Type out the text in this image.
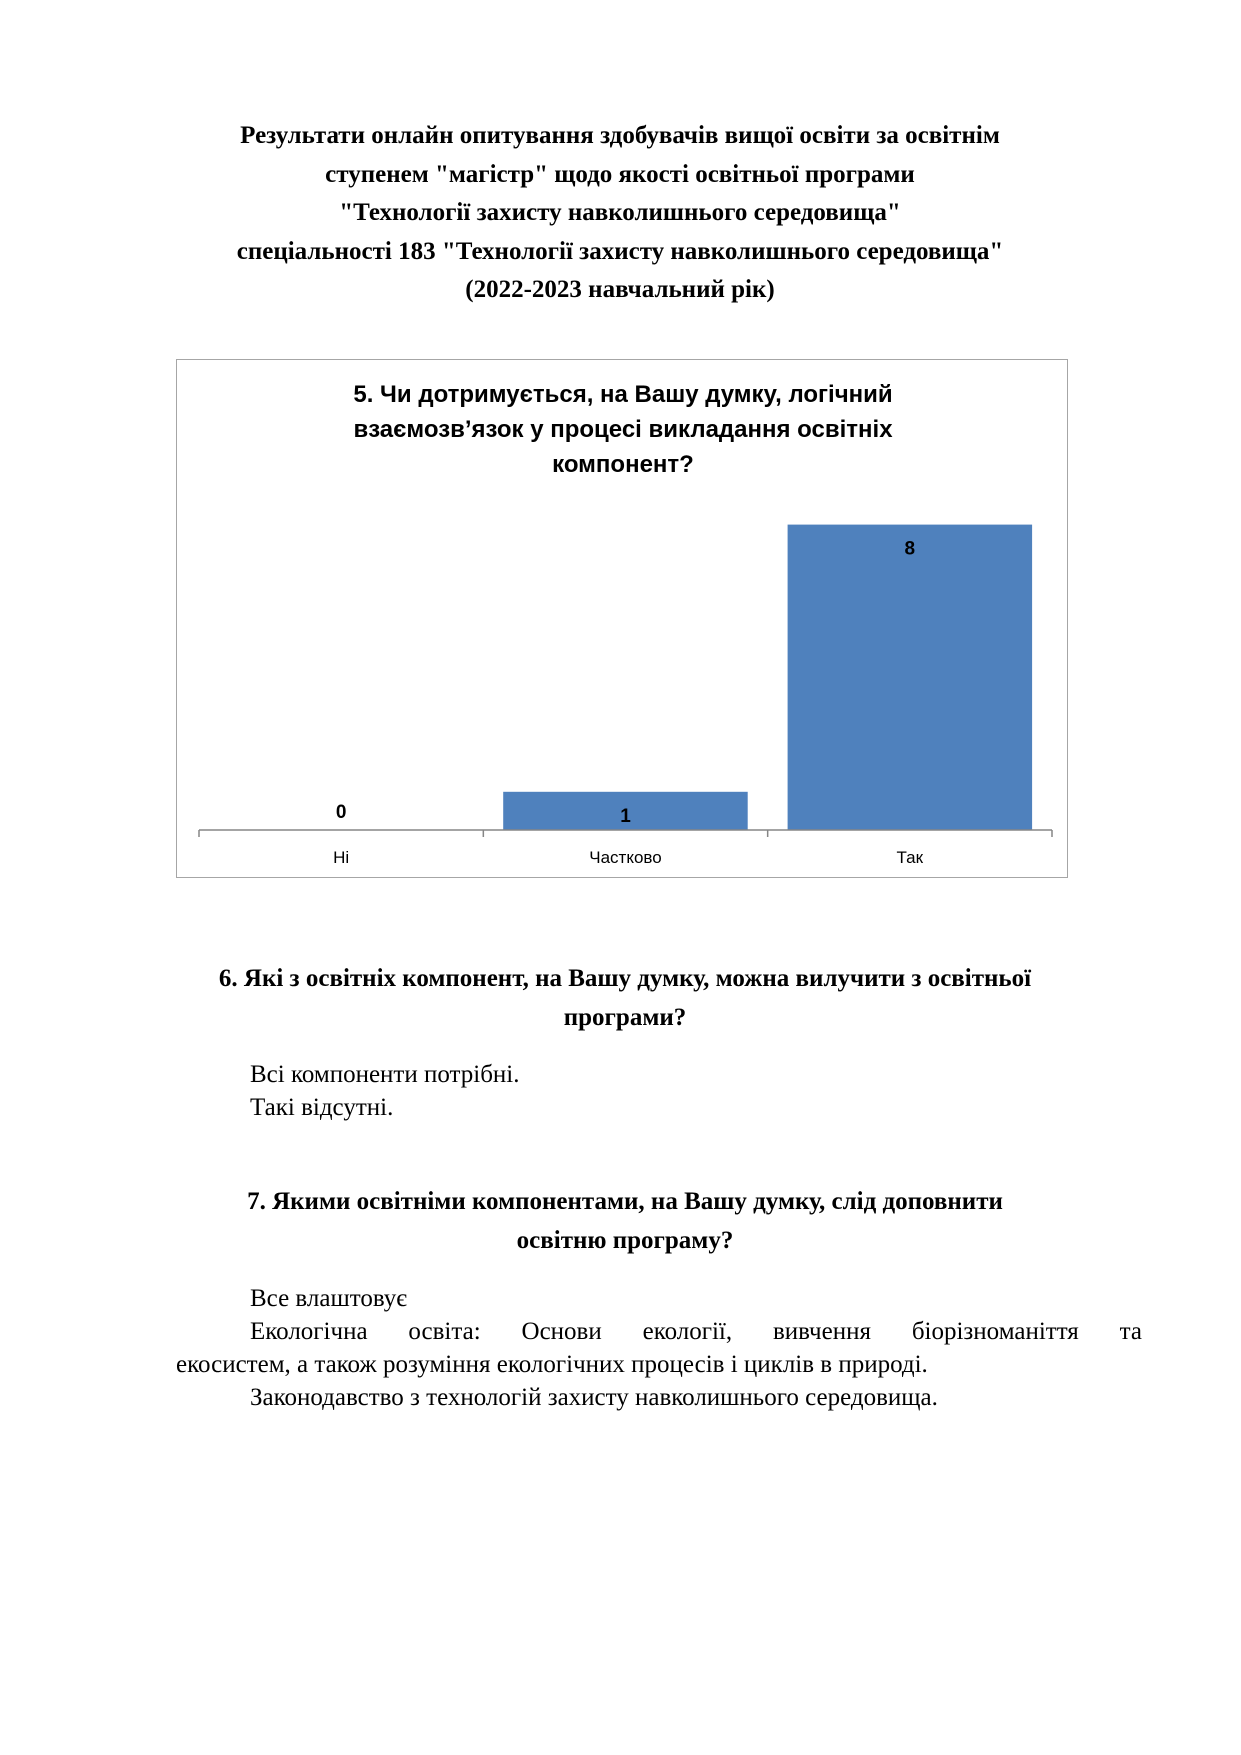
Результати онлайн опитування здобувачів вищої освіти за освітнім
ступенем "магістр" щодо якості освітньої програми
"Технології захисту навколишнього середовища"
спеціальності 183 "Технології захисту навколишнього середовища"
(2022-2023 навчальний рік)
5. Чи дотримується, на Вашу думку, логічний
взаємозв’язок у процесі викладання освітніх
компонент?
0
Ні
1
Частково
8
Так
6. Які з освітніх компонент, на Вашу думку, можна вилучити з освітньої
програми?
Всі компоненти потрібні.
Такі відсутні.
7. Якими освітніми компонентами, на Вашу думку, слід доповнити
освітню програму?
Все влаштовує
Екологічна освіта: Основи екології, вивчення біорізноманіття та
екосистем, а також розуміння екологічних процесів і циклів в природі.
Законодавство з технологій захисту навколишнього середовища.
